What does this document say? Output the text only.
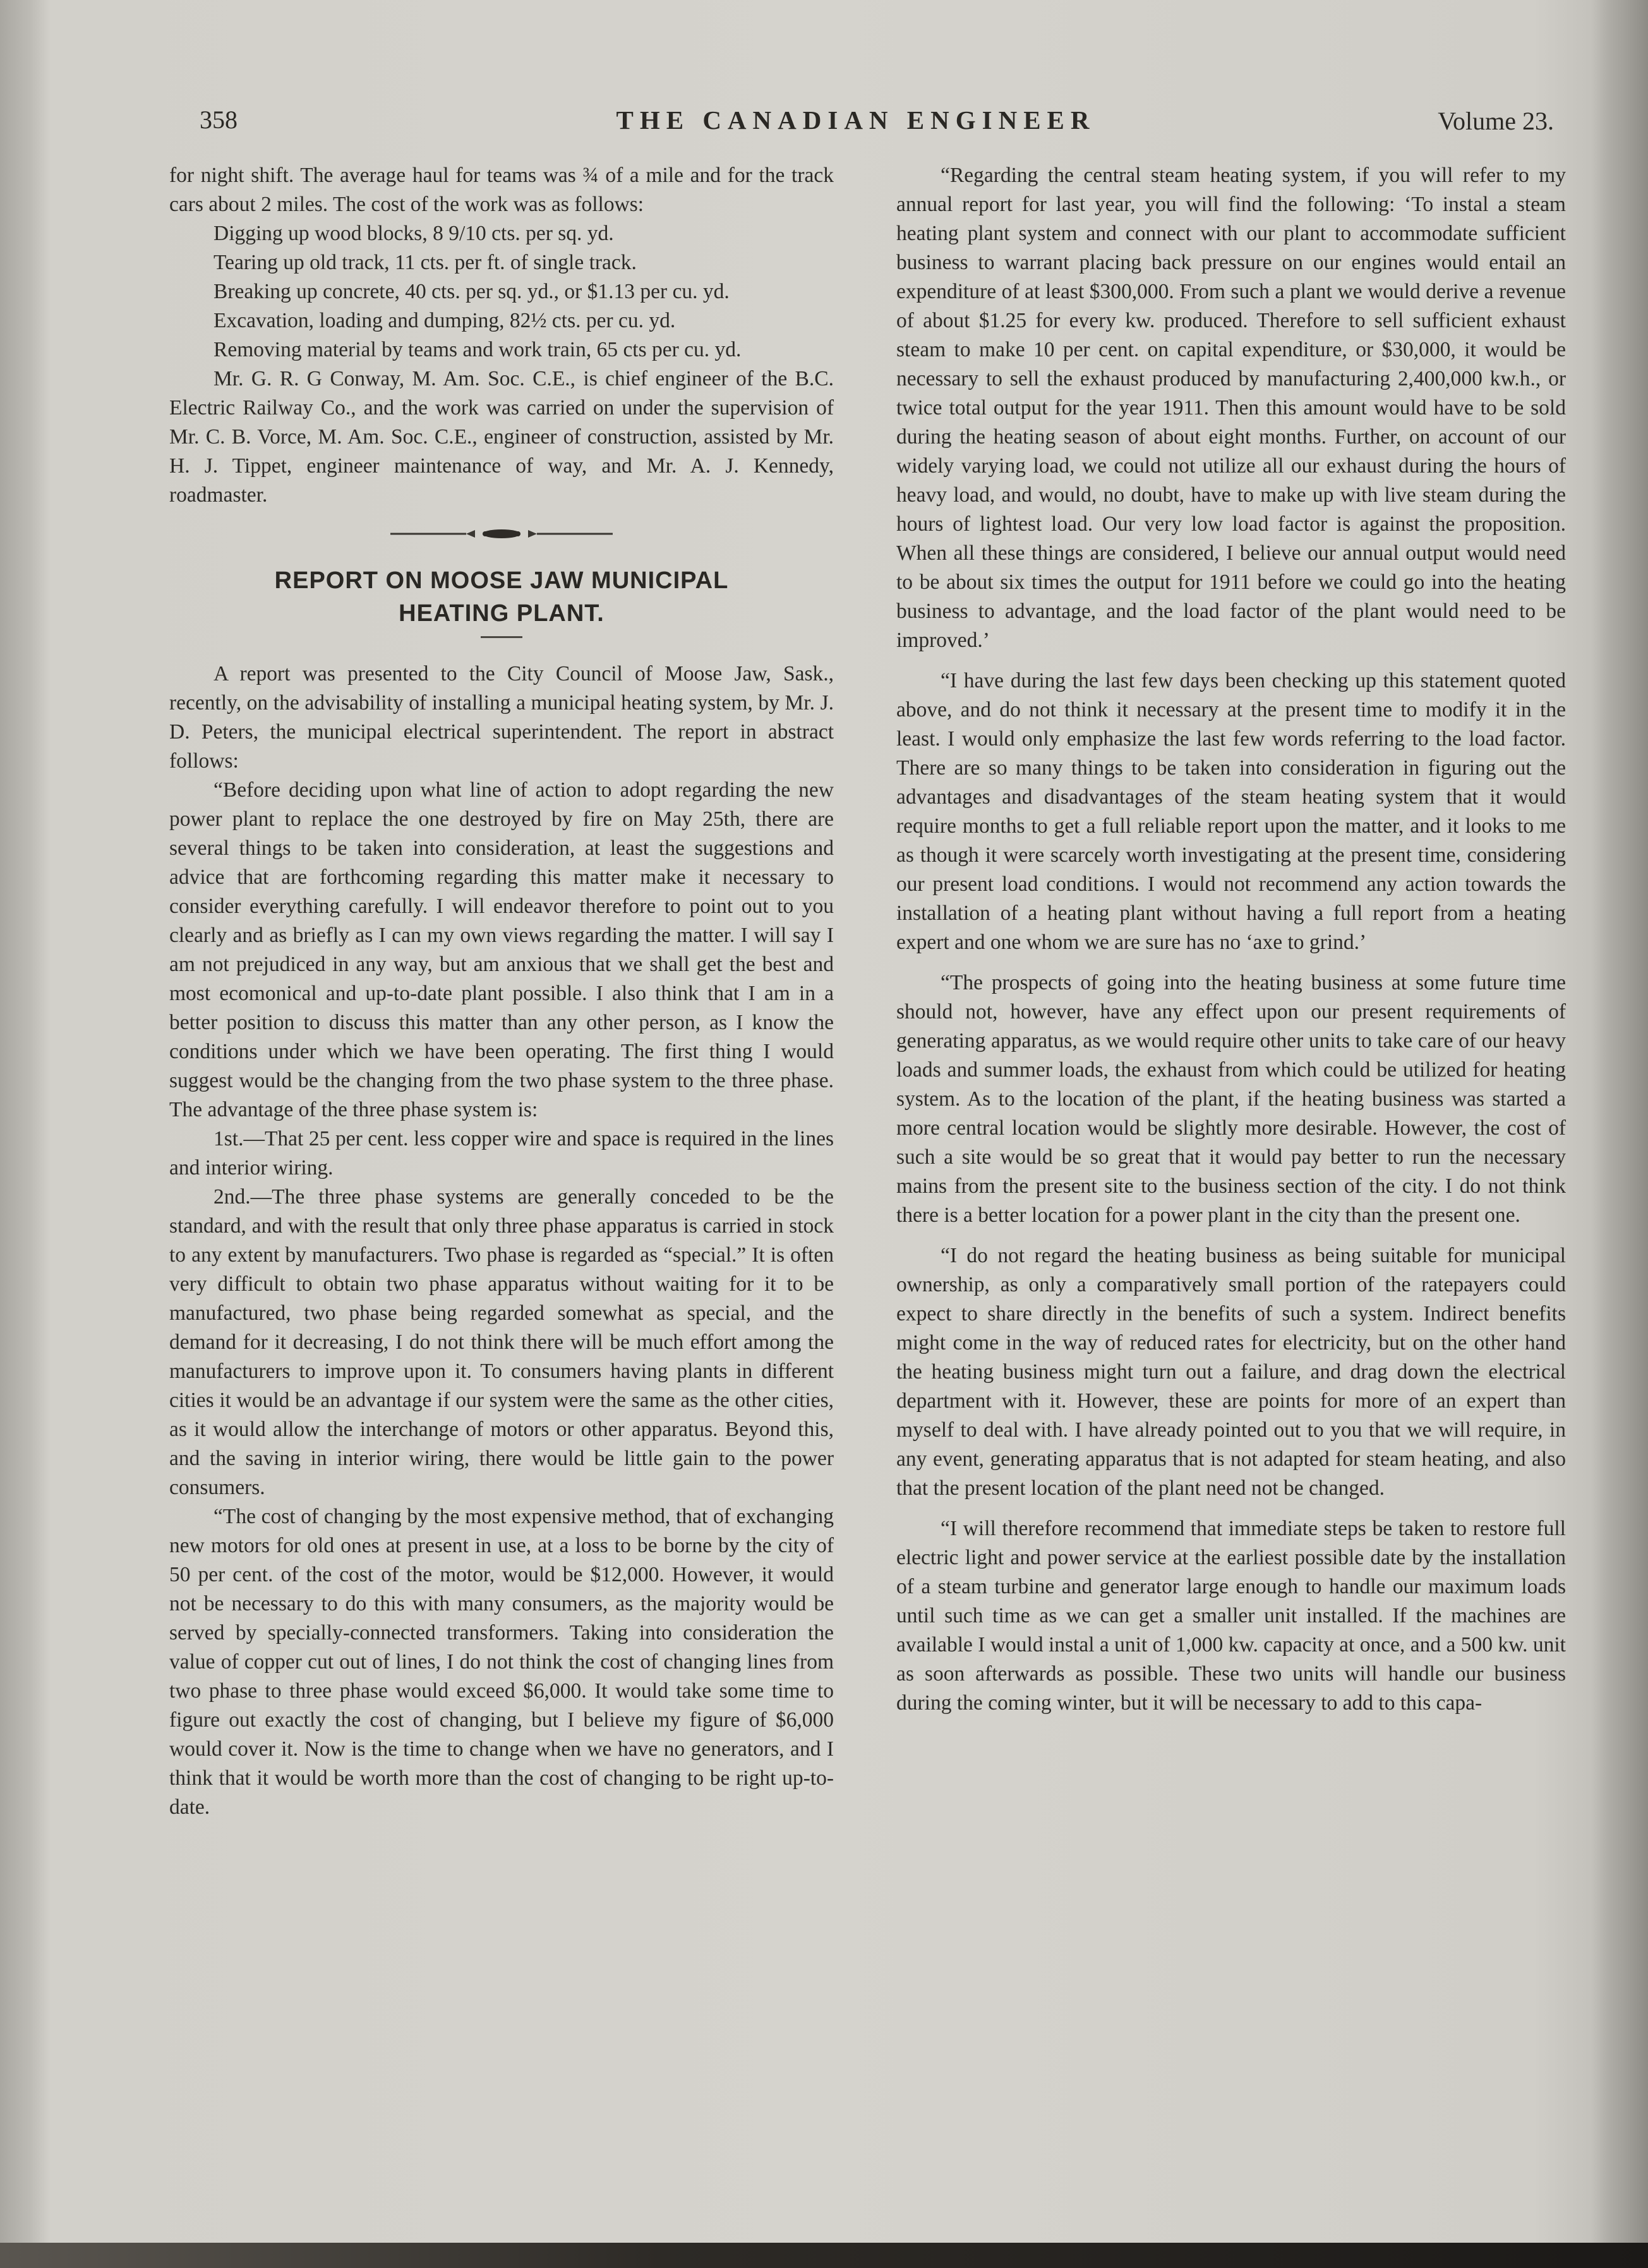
358	THE CANADIAN ENGINEER	Volume 23.

for night shift. The average haul for teams was ¾ of a mile and for the track cars about 2 miles. The cost of the work was as follows:

Digging up wood blocks, 8 9/10 cts. per sq. yd.

Tearing up old track, 11 cts. per ft. of single track.

Breaking up concrete, 40 cts. per sq. yd., or $1.13 per cu. yd.

Excavation, loading and dumping, 82½ cts. per cu. yd.

Removing material by teams and work train, 65 cts per cu. yd.

Mr. G. R. G Conway, M. Am. Soc. C.E., is chief engineer of the B.C. Electric Railway Co., and the work was carried on under the supervision of Mr. C. B. Vorce, M. Am. Soc. C.E., engineer of construction, assisted by Mr. H. J. Tippet, engineer maintenance of way, and Mr. A. J. Kennedy, roadmaster.

REPORT ON MOOSE JAW MUNICIPAL
HEATING PLANT.

A report was presented to the City Council of Moose Jaw, Sask., recently, on the advisability of installing a municipal heating system, by Mr. J. D. Peters, the municipal electrical superintendent. The report in abstract follows:

“Before deciding upon what line of action to adopt regarding the new power plant to replace the one destroyed by fire on May 25th, there are several things to be taken into consideration, at least the suggestions and advice that are forthcoming regarding this matter make it necessary to consider everything carefully. I will endeavor therefore to point out to you clearly and as briefly as I can my own views regarding the matter. I will say I am not prejudiced in any way, but am anxious that we shall get the best and most ecomonical and up-to-date plant possible. I also think that I am in a better position to discuss this matter than any other person, as I know the conditions under which we have been operating. The first thing I would suggest would be the changing from the two phase system to the three phase. The advantage of the three phase system is:

1st.—That 25 per cent. less copper wire and space is required in the lines and interior wiring.

2nd.—The three phase systems are generally conceded to be the standard, and with the result that only three phase apparatus is carried in stock to any extent by manufacturers. Two phase is regarded as “special.” It is often very difficult to obtain two phase apparatus without waiting for it to be manufactured, two phase being regarded somewhat as special, and the demand for it decreasing, I do not think there will be much effort among the manufacturers to improve upon it. To consumers having plants in different cities it would be an advantage if our system were the same as the other cities, as it would allow the interchange of motors or other apparatus. Beyond this, and the saving in interior wiring, there would be little gain to the power consumers.

“The cost of changing by the most expensive method, that of exchanging new motors for old ones at present in use, at a loss to be borne by the city of 50 per cent. of the cost of the motor, would be $12,000. However, it would not be necessary to do this with many consumers, as the majority would be served by specially-connected transformers. Taking into consideration the value of copper cut out of lines, I do not think the cost of changing lines from two phase to three phase would exceed $6,000. It would take some time to figure out exactly the cost of changing, but I believe my figure of $6,000 would cover it. Now is the time to change when we have no generators, and I think that it would be worth more than the cost of changing to be right up-to-date.

“Regarding the central steam heating system, if you will refer to my annual report for last year, you will find the following: ‘To instal a steam heating plant system and connect with our plant to accommodate sufficient business to warrant placing back pressure on our engines would entail an expenditure of at least $300,000. From such a plant we would derive a revenue of about $1.25 for every kw. produced. Therefore to sell sufficient exhaust steam to make 10 per cent. on capital expenditure, or $30,000, it would be necessary to sell the exhaust produced by manufacturing 2,400,000 kw.h., or twice total output for the year 1911. Then this amount would have to be sold during the heating season of about eight months. Further, on account of our widely varying load, we could not utilize all our exhaust during the hours of heavy load, and would, no doubt, have to make up with live steam during the hours of lightest load. Our very low load factor is against the proposition. When all these things are considered, I believe our annual output would need to be about six times the output for 1911 before we could go into the heating business to advantage, and the load factor of the plant would need to be improved.’

“I have during the last few days been checking up this statement quoted above, and do not think it necessary at the present time to modify it in the least. I would only emphasize the last few words referring to the load factor. There are so many things to be taken into consideration in figuring out the advantages and disadvantages of the steam heating system that it would require months to get a full reliable report upon the matter, and it looks to me as though it were scarcely worth investigating at the present time, considering our present load conditions. I would not recommend any action towards the installation of a heating plant without having a full report from a heating expert and one whom we are sure has no ‘axe to grind.’

“The prospects of going into the heating business at some future time should not, however, have any effect upon our present requirements of generating apparatus, as we would require other units to take care of our heavy loads and summer loads, the exhaust from which could be utilized for heating system. As to the location of the plant, if the heating business was started a more central location would be slightly more desirable. However, the cost of such a site would be so great that it would pay better to run the necessary mains from the present site to the business section of the city. I do not think there is a better location for a power plant in the city than the present one.

“I do not regard the heating business as being suitable for municipal ownership, as only a comparatively small portion of the ratepayers could expect to share directly in the benefits of such a system. Indirect benefits might come in the way of reduced rates for electricity, but on the other hand the heating business might turn out a failure, and drag down the electrical department with it. However, these are points for more of an expert than myself to deal with. I have already pointed out to you that we will require, in any event, generating apparatus that is not adapted for steam heating, and also that the present location of the plant need not be changed.

“I will therefore recommend that immediate steps be taken to restore full electric light and power service at the earliest possible date by the installation of a steam turbine and generator large enough to handle our maximum loads until such time as we can get a smaller unit installed. If the machines are available I would instal a unit of 1,000 kw. capacity at once, and a 500 kw. unit as soon afterwards as possible. These two units will handle our business during the coming winter, but it will be necessary to add to this capa-
